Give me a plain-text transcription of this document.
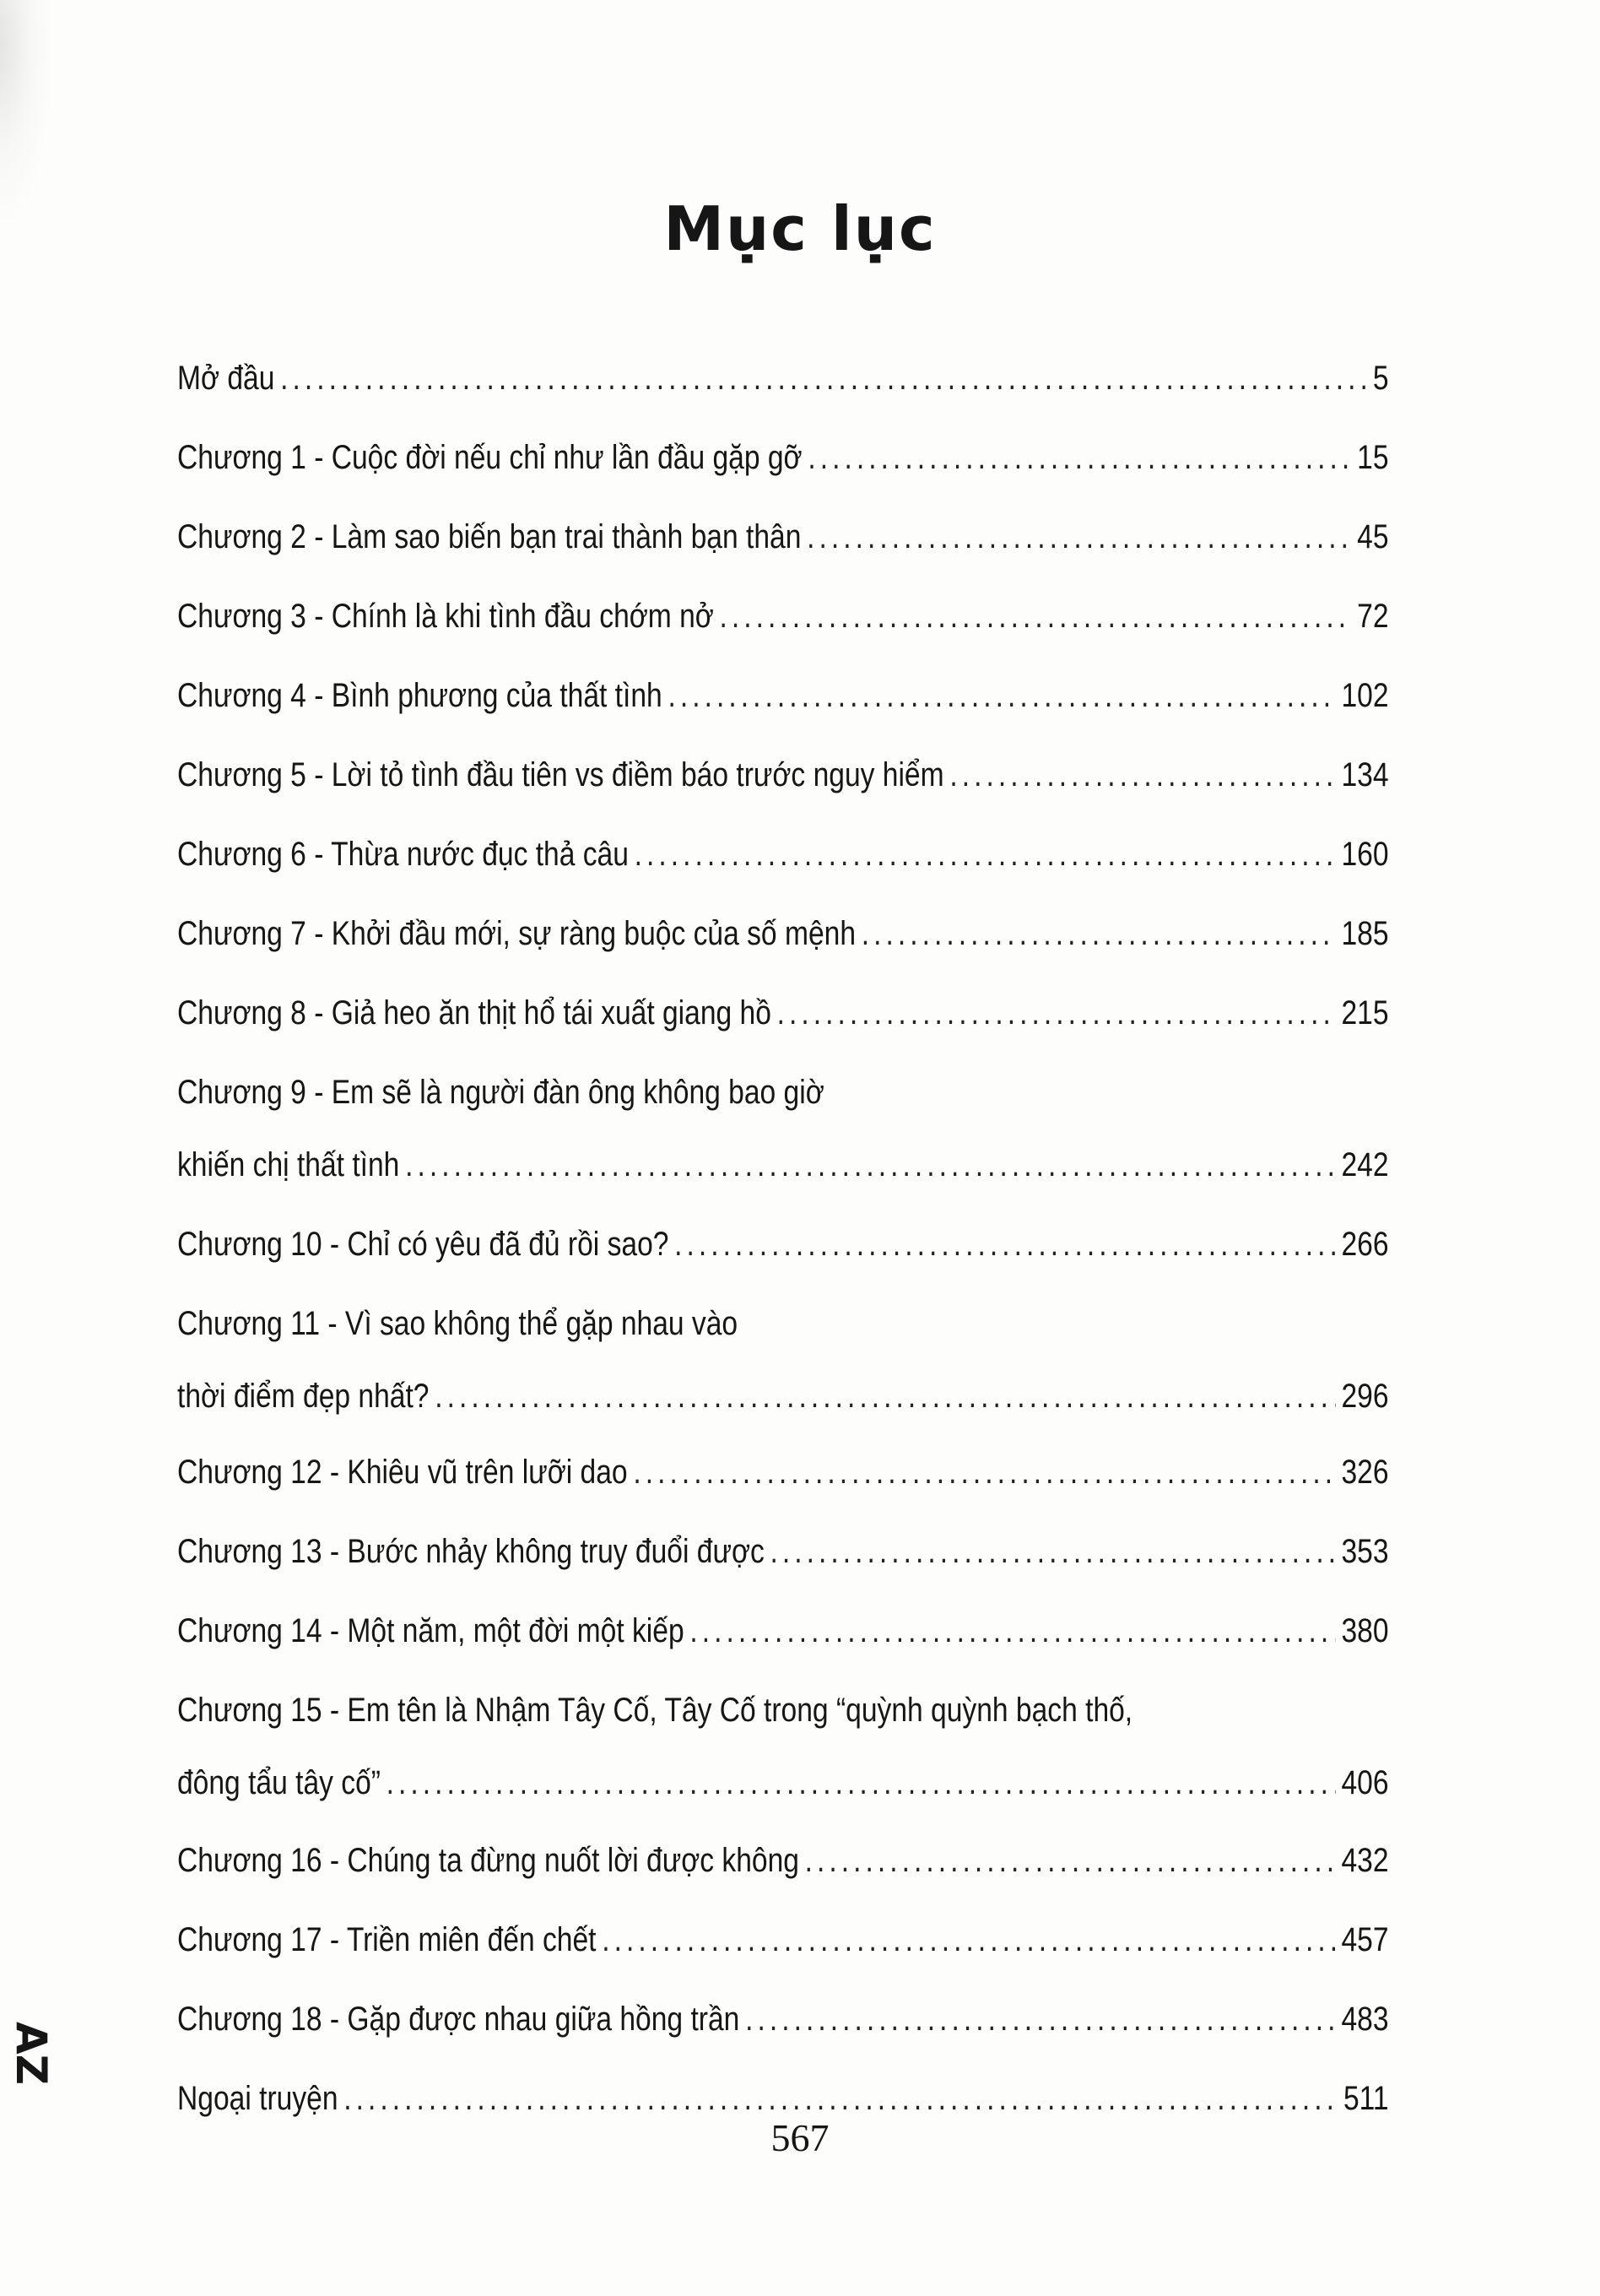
Mục lục
Mở đầu .....	5
Chương 1 - Cuộc đời nếu chỉ như lần đầu gặp gỡ .....	15
Chương 2 - Làm sao biến bạn trai thành bạn thân .....	45
Chương 3 - Chính là khi tình đầu chớm nở .....	72
Chương 4 - Bình phương của thất tình .....	102
Chương 5 - Lời tỏ tình đầu tiên vs điềm báo trước nguy hiểm .....	134
Chương 6 - Thừa nước đục thả câu .....	160
Chương 7 - Khởi đầu mới, sự ràng buộc của số mệnh .....	185
Chương 8 - Giả heo ăn thịt hổ tái xuất giang hồ .....	215
Chương 9 - Em sẽ là người đàn ông không bao giờ
khiến chị thất tình .....	242
Chương 10 - Chỉ có yêu đã đủ rồi sao? .....	266
Chương 11 - Vì sao không thể gặp nhau vào
thời điểm đẹp nhất? .....	296
Chương 12 - Khiêu vũ trên lưỡi dao .....	326
Chương 13 - Bước nhảy không truy đuổi được .....	353
Chương 14 - Một năm, một đời một kiếp .....	380
Chương 15 - Em tên là Nhậm Tây Cố, Tây Cố trong “quỳnh quỳnh bạch thố,
đông tẩu tây cố” .....	406
Chương 16 - Chúng ta đừng nuốt lời được không .....	432
Chương 17 - Triền miên đến chết .....	457
Chương 18 - Gặp được nhau giữa hồng trần .....	483
Ngoại truyện .....	511
AZ
567
